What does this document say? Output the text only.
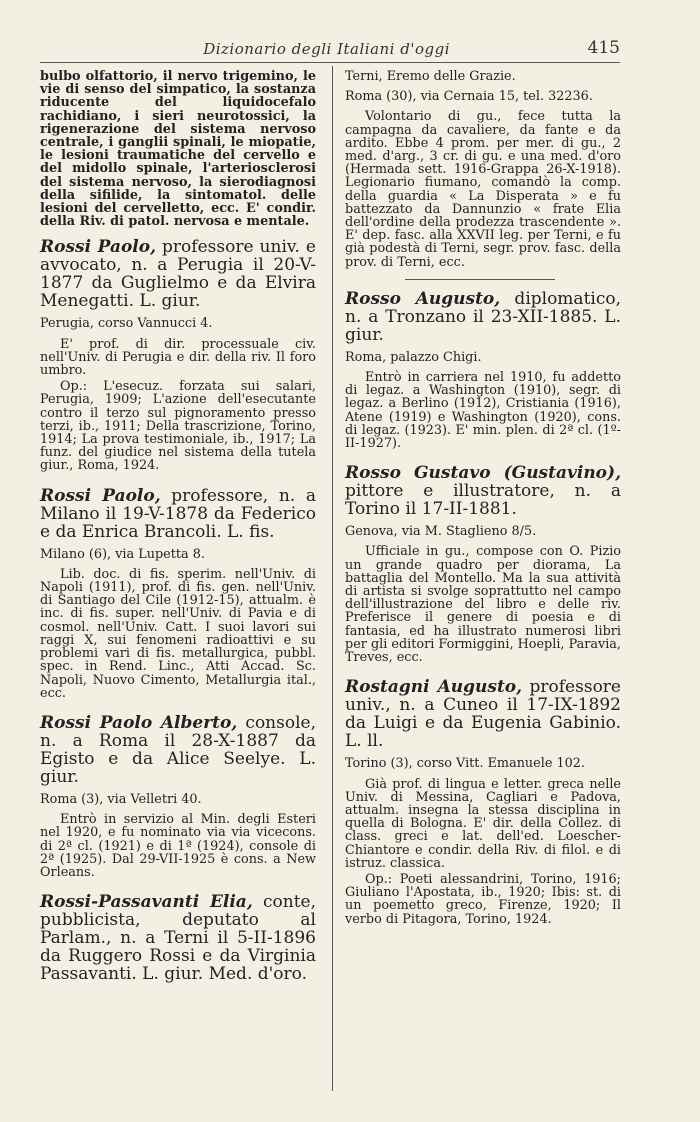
Dizionario degli Italiani d'oggi	415

bulbo olfattorio, il nervo trigemino, le vie di senso del simpatico, la sostanza riducente del liquidocefalo rachidiano, i sieri neurotossici, la rigenerazione del sistema nervoso centrale, i ganglii spinali, le miopatie, le lesioni traumatiche del cervello e del midollo spinale, l'arteriosclerosi del sistema nervoso, la sierodiagnosi della sifilide, la sintomatol. delle lesioni del cervelletto, ecc. E' condir. della Riv. di patol. nervosa e mentale.

Rossi Paolo, professore univ. e avvocato, n. a Perugia il 20-V-1877 da Guglielmo e da Elvira Menegatti. L. giur.

Perugia, corso Vannucci 4.

E' prof. di dir. processuale civ. nell'Univ. di Perugia e dir. della riv. Il foro umbro.

Op.: L'esecuz. forzata sui salari, Perugia, 1909; L'azione dell'esecutante contro il terzo sul pignoramento presso terzi, ib., 1911; Della trascrizione, Torino, 1914; La prova testimoniale, ib., 1917; La funz. del giudice nel sistema della tutela giur., Roma, 1924.

Rossi Paolo, professore, n. a Milano il 19-V-1878 da Federico e da Enrica Brancoli. L. fis.

Milano (6), via Lupetta 8.

Lib. doc. di fis. sperim. nell'Univ. di Napoli (1911), prof. di fis. gen. nell'Univ. di Santiago del Cile (1912-15), attualm. è inc. di fis. super. nell'Univ. di Pavia e di cosmol. nell'Univ. Catt. I suoi lavori sui raggi X, sui fenomeni radioattivi e su problemi vari di fis. metallurgica, pubbl. spec. in Rend. Linc., Atti Accad. Sc. Napoli, Nuovo Cimento, Metallurgia ital., ecc.

Rossi Paolo Alberto, console, n. a Roma il 28-X-1887 da Egisto e da Alice Seelye. L. giur.

Roma (3), via Velletri 40.

Entrò in servizio al Min. degli Esteri nel 1920, e fu nominato via via vicecons. di 2ª cl. (1921) e di 1ª (1924), console di 2ª (1925). Dal 29-VII-1925 è cons. a New Orleans.

Rossi-Passavanti Elia, conte, pubblicista, deputato al Parlam., n. a Terni il 5-II-1896 da Ruggero Rossi e da Virginia Passavanti. L. giur. Med. d'oro.

Terni, Eremo delle Grazie.

Roma (30), via Cernaia 15, tel. 32236.

Volontario di gu., fece tutta la campagna da cavaliere, da fante e da ardito. Ebbe 4 prom. per mer. di gu., 2 med. d'arg., 3 cr. di gu. e una med. d'oro (Hermada sett. 1916-Grappa 26-X-1918). Legionario fiumano, comandò la comp. della guardia « La Disperata » e fu battezzato da Dannunzio « frate Elia dell'ordine della prodezza trascendente ». E' dep. fasc. alla XXVII leg. per Terni, e fu già podestà di Terni, segr. prov. fasc. della prov. di Terni, ecc.

Rosso Augusto, diplomatico, n. a Tronzano il 23-XII-1885. L. giur.

Roma, palazzo Chigi.

Entrò in carriera nel 1910, fu addetto di legaz. a Washington (1910), segr. di legaz. a Berlino (1912), Cristiania (1916), Atene (1919) e Washington (1920), cons. di legaz. (1923). E' min. plen. di 2ª cl. (1º-II-1927).

Rosso Gustavo (Gustavino), pittore e illustratore, n. a Torino il 17-II-1881.

Genova, via M. Staglieno 8/5.

Ufficiale in gu., compose con O. Pizio un grande quadro per diorama, La battaglia del Montello. Ma la sua attività di artista si svolge soprattutto nel campo dell'illustrazione del libro e delle riv. Preferisce il genere di poesia e di fantasia, ed ha illustrato numerosi libri per gli editori Formiggini, Hoepli, Paravia, Treves, ecc.

Rostagni Augusto, professore univ., n. a Cuneo il 17-IX-1892 da Luigi e da Eugenia Gabinio. L. ll.

Torino (3), corso Vitt. Emanuele 102.

Già prof. di lingua e letter. greca nelle Univ. di Messina, Cagliari e Padova, attualm. insegna la stessa disciplina in quella di Bologna. E' dir. della Collez. di class. greci e lat. dell'ed. Loescher-Chiantore e condir. della Riv. di filol. e di istruz. classica.

Op.: Poeti alessandrini, Torino, 1916; Giuliano l'Apostata, ib., 1920; Ibis: st. di un poemetto greco, Firenze, 1920; Il verbo di Pitagora, Torino, 1924.
